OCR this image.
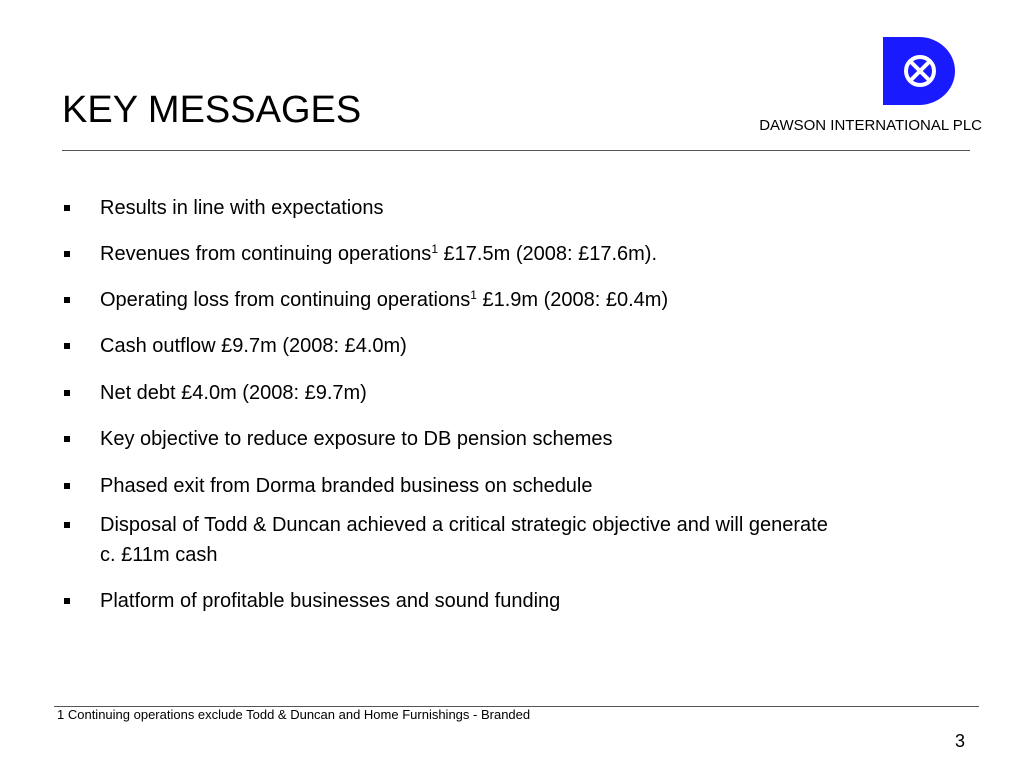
KEY MESSAGES	DAWSON INTERNATIONAL PLC
Results in line with expectations
Revenues from continuing operations$^1$ £17.5m (2008: £17.6m).
Operating loss from continuing operations$^1$ £1.9m (2008: £0.4m)
Cash outflow £9.7m (2008: £4.0m)
Net debt £4.0m (2008: £9.7m)
Key objective to reduce exposure to DB pension schemes
Phased exit from Dorma branded business on schedule
Disposal of Todd & Duncan achieved a critical strategic objective and will generate
c. £11m cash
Platform of profitable businesses and sound funding
1 Continuing operations exclude Todd & Duncan and Home Furnishings - Branded
3
